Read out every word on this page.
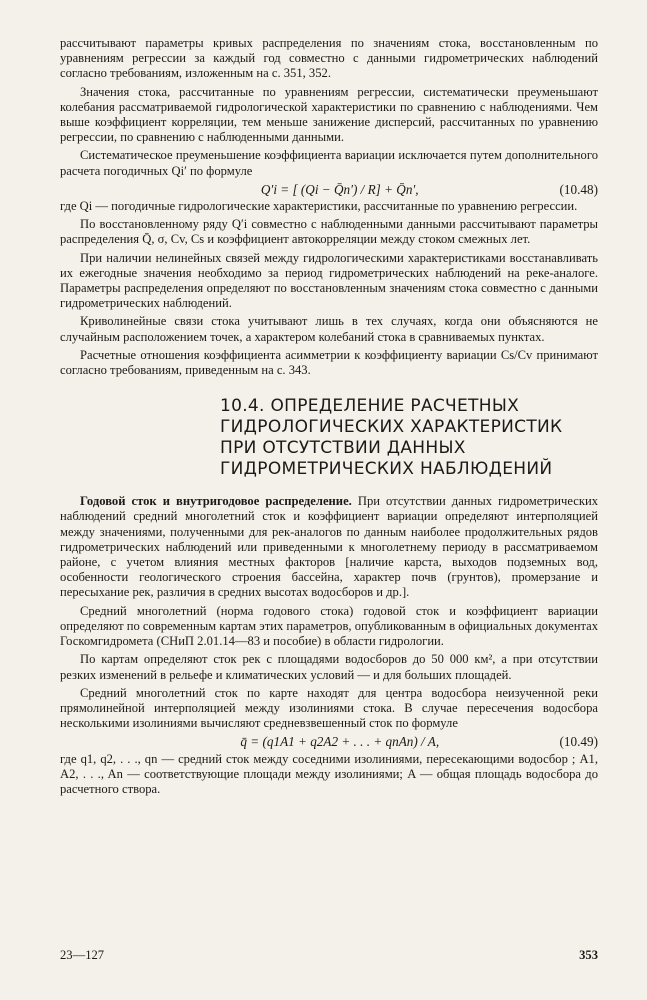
рассчитывают параметры кривых распределения по значениям стока, восстановленным по уравнениям регрессии за каждый год совместно с данными гидрометрических наблюдений согласно требованиям, изложенным на с. 351, 352.

Значения стока, рассчитанные по уравнениям регрессии, систематически преуменьшают колебания рассматриваемой гидрологической характеристики по сравнению с наблюдениями. Чем выше коэффициент корреляции, тем меньше занижение дисперсий, рассчитанных по уравнению регрессии, по сравнению с наблюденными данными.

Систематическое преуменьшение коэффициента вариации исключается путем дополнительного расчета погодичных Qi′ по формуле

Q′i = [ (Qi − Q̄n′) / R] + Q̄n′,	(10.48)

где Qi — погодичные гидрологические характеристики, рассчитанные по уравнению регрессии.

По восстановленному ряду Q′i совместно с наблюденными данными рассчитывают параметры распределения Q̄, σ, Cv, Cs и коэффициент автокорреляции между стоком смежных лет.

При наличии нелинейных связей между гидрологическими характеристиками восстанавливать их ежегодные значения необходимо за период гидрометрических наблюдений на реке-аналоге. Параметры распределения определяют по восстановленным значениям стока совместно с данными гидрометрических наблюдений.

Криволинейные связи стока учитывают лишь в тех случаях, когда они объясняются не случайным расположением точек, а характером колебаний стока в сравниваемых пунктах.

Расчетные отношения коэффициента асимметрии к коэффициенту вариации Cs/Cv принимают согласно требованиям, приведенным на с. 343.

10.4. ОПРЕДЕЛЕНИЕ РАСЧЕТНЫХ
ГИДРОЛОГИЧЕСКИХ ХАРАКТЕРИСТИК
ПРИ ОТСУТСТВИИ ДАННЫХ
ГИДРОМЕТРИЧЕСКИХ НАБЛЮДЕНИЙ

Годовой сток и внутригодовое распределение. При отсутствии данных гидрометрических наблюдений средний многолетний сток и коэффициент вариации определяют интерполяцией между значениями, полученными для рек-аналогов по данным наиболее продолжительных рядов гидрометрических наблюдений или приведенными к многолетнему периоду в рассматриваемом районе, с учетом влияния местных факторов [наличие карста, выходов подземных вод, особенности геологического строения бассейна, характер почв (грунтов), промерзание и пересыхание рек, различия в средних высотах водосборов и др.].

Средний многолетний (норма годового стока) годовой сток и коэффициент вариации определяют по современным картам этих параметров, опубликованным в официальных документах Госкомгидромета (СНиП 2.01.14—83 и пособие) в области гидрологии.

По картам определяют сток рек с площадями водосборов до 50 000 км², а при отсутствии резких изменений в рельефе и климатических условий — и для больших площадей.

Средний многолетний сток по карте находят для центра водосбора неизученной реки прямолинейной интерполяцией между изолиниями стока. В случае пересечения водосбора несколькими изолиниями вычисляют средневзвешенный сток по формуле

q̄ = (q1A1 + q2A2 + . . . + qnAn) / A,	(10.49)

где q1, q2, . . ., qn — средний сток между соседними изолиниями, пересекающими водосбор ; A1, A2, . . ., An — соответствующие площади между изолиниями; A — общая площадь водосбора до расчетного створа.

23—127	353
